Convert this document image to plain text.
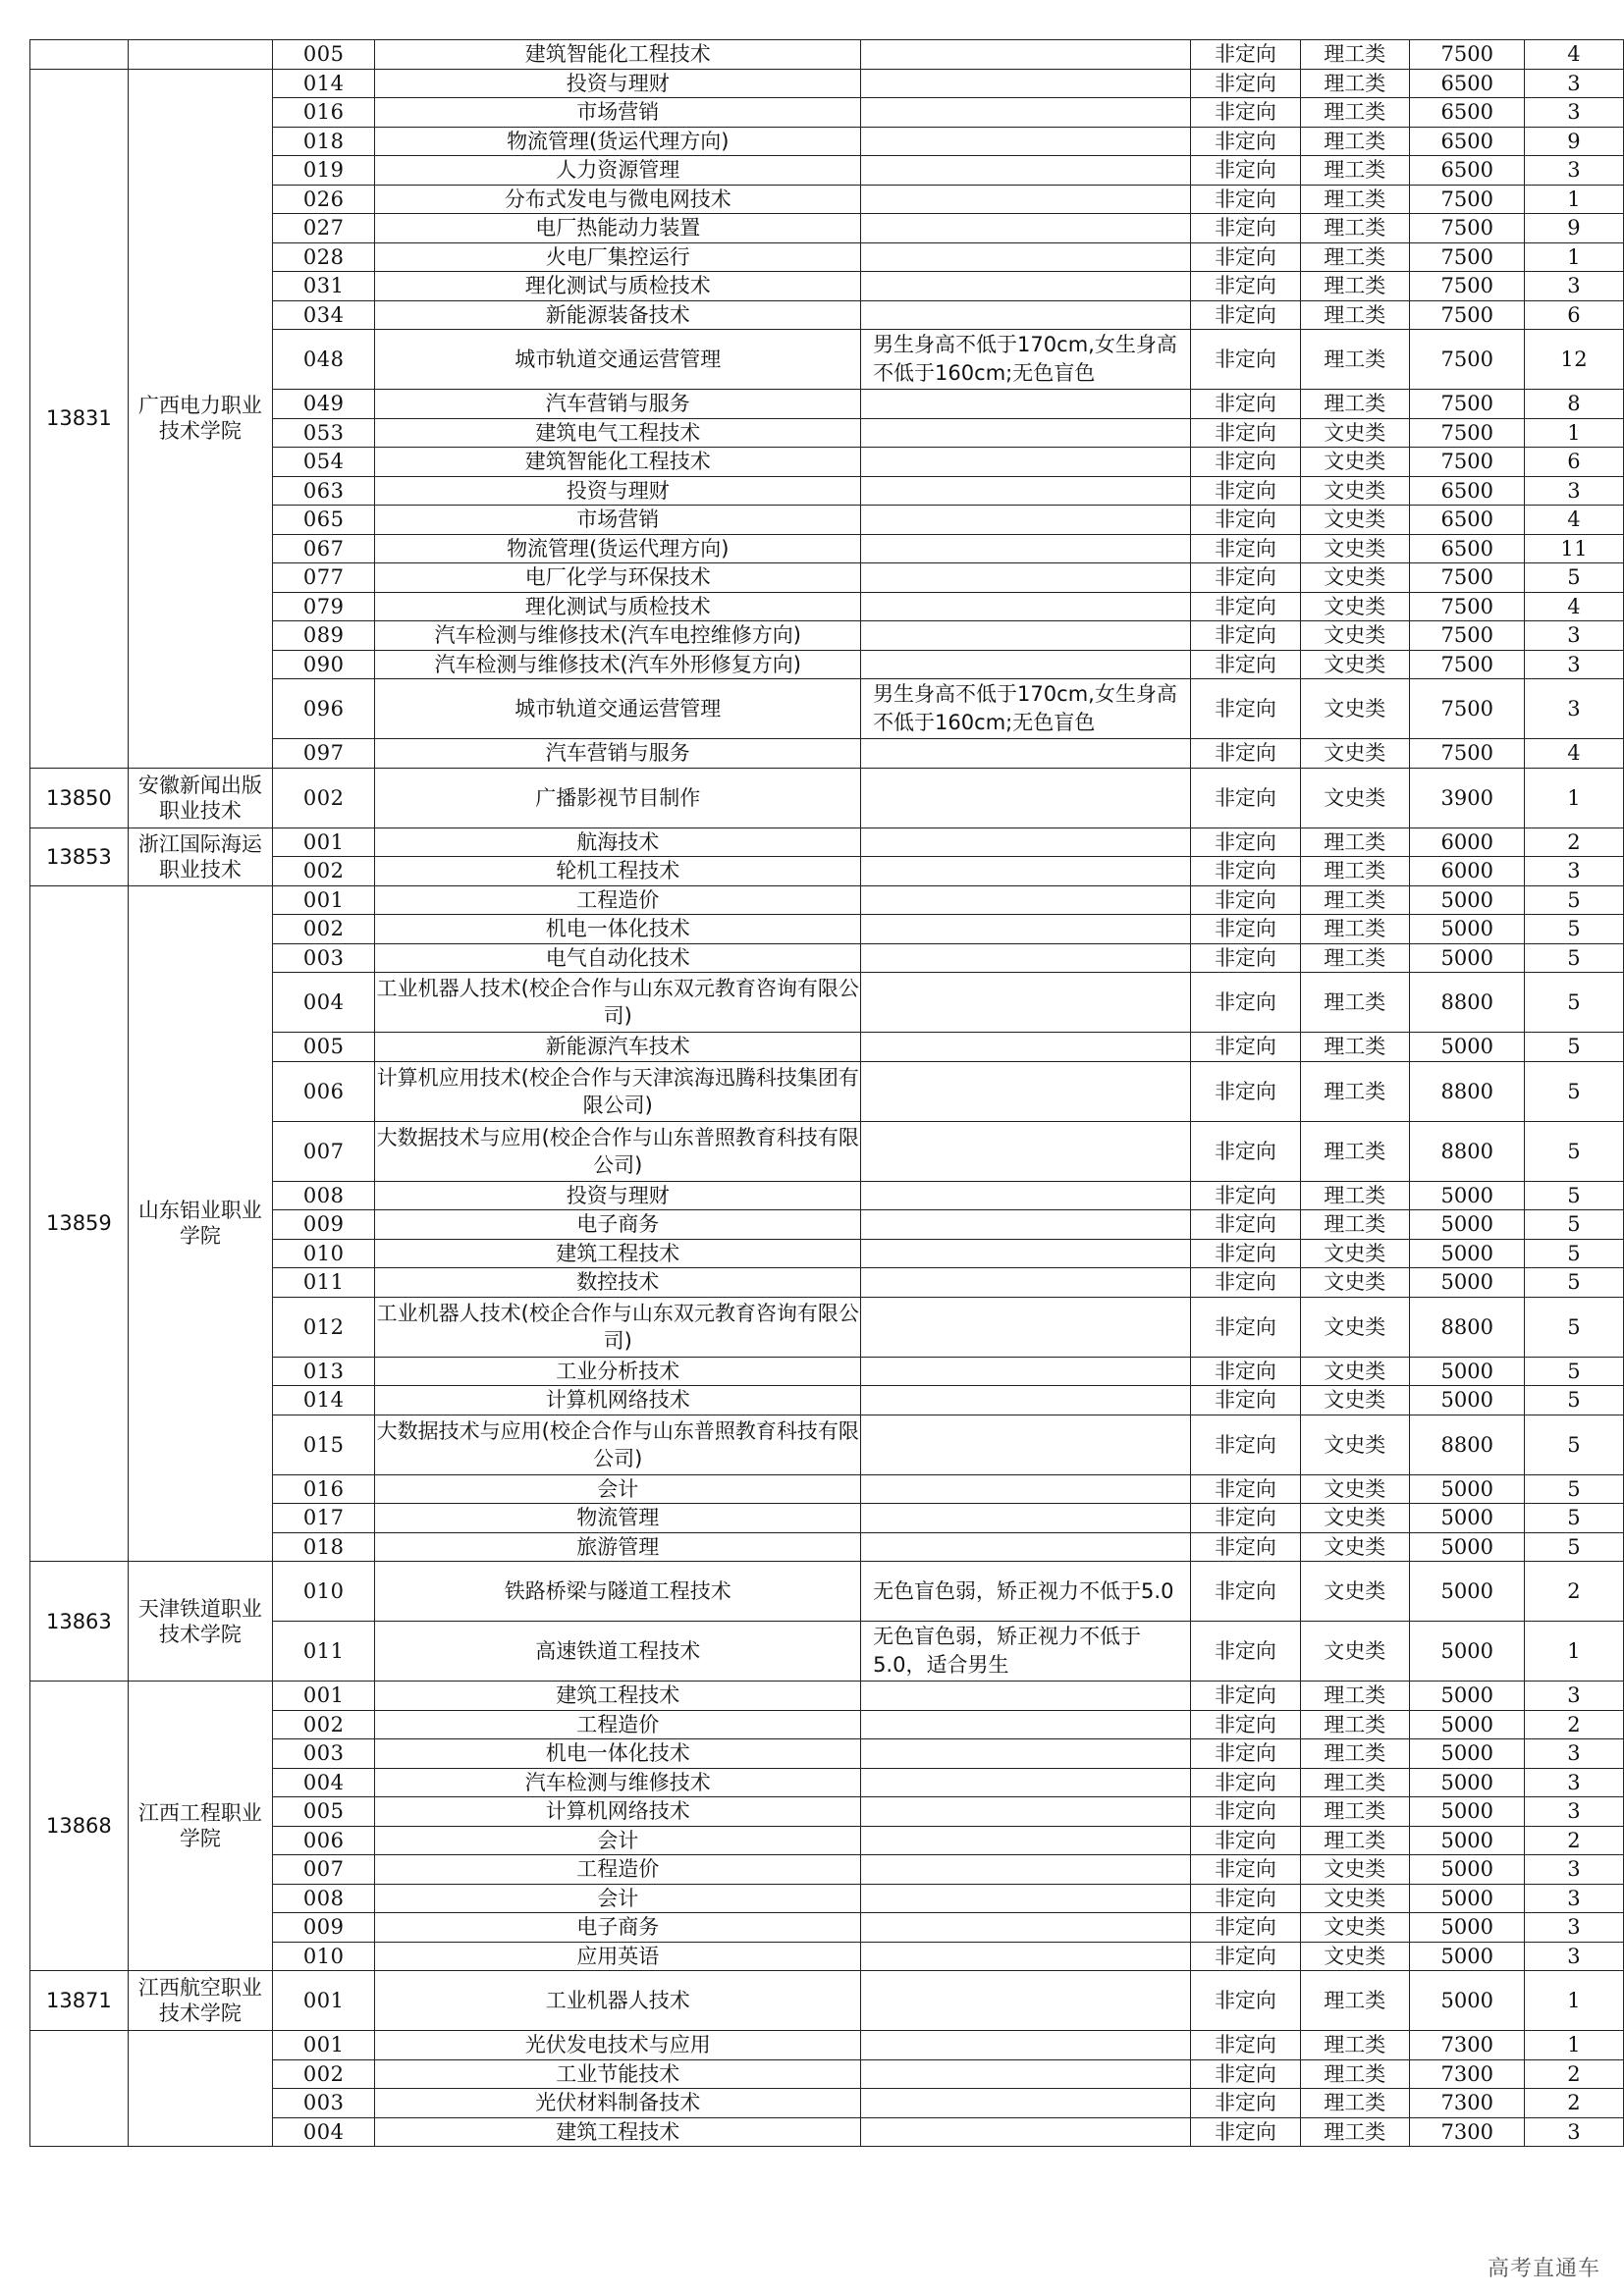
		005	建筑智能化工程技术		非定向	理工类	7500	4
13831	广西电力职业技术学院	014	投资与理财		非定向	理工类	6500	3
		016	市场营销		非定向	理工类	6500	3
		018	物流管理(货运代理方向)		非定向	理工类	6500	9
		019	人力资源管理		非定向	理工类	6500	3
		026	分布式发电与微电网技术		非定向	理工类	7500	1
		027	电厂热能动力装置		非定向	理工类	7500	9
		028	火电厂集控运行		非定向	理工类	7500	1
		031	理化测试与质检技术		非定向	理工类	7500	3
		034	新能源装备技术		非定向	理工类	7500	6
		048	城市轨道交通运营管理	男生身高不低于170cm,女生身高不低于160cm;无色盲色	非定向	理工类	7500	12
		049	汽车营销与服务		非定向	理工类	7500	8
		053	建筑电气工程技术		非定向	文史类	7500	1
		054	建筑智能化工程技术		非定向	文史类	7500	6
		063	投资与理财		非定向	文史类	6500	3
		065	市场营销		非定向	文史类	6500	4
		067	物流管理(货运代理方向)		非定向	文史类	6500	11
		077	电厂化学与环保技术		非定向	文史类	7500	5
		079	理化测试与质检技术		非定向	文史类	7500	4
		089	汽车检测与维修技术(汽车电控维修方向)		非定向	文史类	7500	3
		090	汽车检测与维修技术(汽车外形修复方向)		非定向	文史类	7500	3
		096	城市轨道交通运营管理	男生身高不低于170cm,女生身高不低于160cm;无色盲色	非定向	文史类	7500	3
		097	汽车营销与服务		非定向	文史类	7500	4
13850	安徽新闻出版职业技术	002	广播影视节目制作		非定向	文史类	3900	1
13853	浙江国际海运职业技术	001	航海技术		非定向	理工类	6000	2
		002	轮机工程技术		非定向	理工类	6000	3
13859	山东铝业职业学院	001	工程造价		非定向	理工类	5000	5
		002	机电一体化技术		非定向	理工类	5000	5
		003	电气自动化技术		非定向	理工类	5000	5
		004	工业机器人技术(校企合作与山东双元教育咨询有限公司)		非定向	理工类	8800	5
		005	新能源汽车技术		非定向	理工类	5000	5
		006	计算机应用技术(校企合作与天津滨海迅腾科技集团有限公司)		非定向	理工类	8800	5
		007	大数据技术与应用(校企合作与山东普照教育科技有限公司)		非定向	理工类	8800	5
		008	投资与理财		非定向	理工类	5000	5
		009	电子商务		非定向	理工类	5000	5
		010	建筑工程技术		非定向	文史类	5000	5
		011	数控技术		非定向	文史类	5000	5
		012	工业机器人技术(校企合作与山东双元教育咨询有限公司)		非定向	文史类	8800	5
		013	工业分析技术		非定向	文史类	5000	5
		014	计算机网络技术		非定向	文史类	5000	5
		015	大数据技术与应用(校企合作与山东普照教育科技有限公司)		非定向	文史类	8800	5
		016	会计		非定向	文史类	5000	5
		017	物流管理		非定向	文史类	5000	5
		018	旅游管理		非定向	文史类	5000	5
13863	天津铁道职业技术学院	010	铁路桥梁与隧道工程技术	无色盲色弱，矫正视力不低于5.0	非定向	文史类	5000	2
		011	高速铁道工程技术	无色盲色弱，矫正视力不低于5.0，适合男生	非定向	文史类	5000	1
13868	江西工程职业学院	001	建筑工程技术		非定向	理工类	5000	3
		002	工程造价		非定向	理工类	5000	2
		003	机电一体化技术		非定向	理工类	5000	3
		004	汽车检测与维修技术		非定向	理工类	5000	3
		005	计算机网络技术		非定向	理工类	5000	3
		006	会计		非定向	理工类	5000	2
		007	工程造价		非定向	文史类	5000	3
		008	会计		非定向	文史类	5000	3
		009	电子商务		非定向	文史类	5000	3
		010	应用英语		非定向	文史类	5000	3
13871	江西航空职业技术学院	001	工业机器人技术		非定向	理工类	5000	1
		001	光伏发电技术与应用		非定向	理工类	7300	1
		002	工业节能技术		非定向	理工类	7300	2
		003	光伏材料制备技术		非定向	理工类	7300	2
		004	建筑工程技术		非定向	理工类	7300	3
高考直通车
